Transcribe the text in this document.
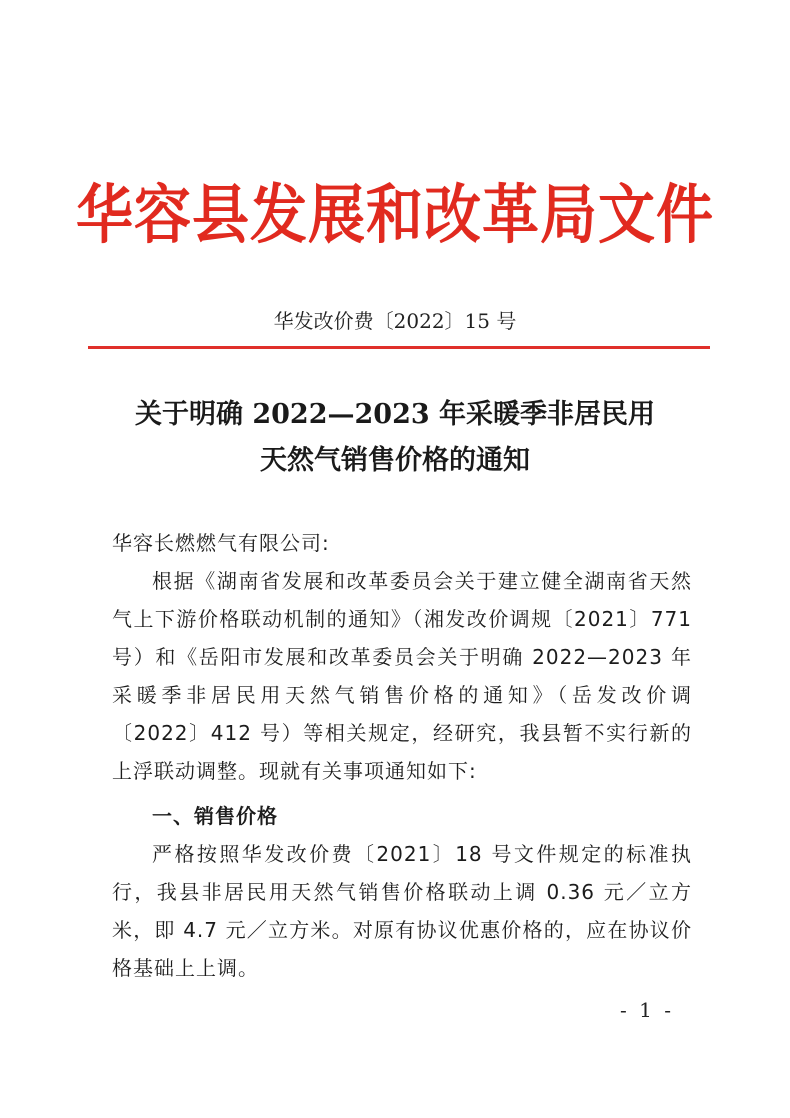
华容县发展和改革局文件
华发改价费〔2022〕15 号
关于明确 2022—2023 年采暖季非居民用
天然气销售价格的通知

华容长燃燃气有限公司:

根据《湖南省发展和改革委员会关于建立健全湖南省天然气上下游价格联动机制的通知》（湘发改价调规〔2021〕771号）和《岳阳市发展和改革委员会关于明确 2022—2023 年采暖季非居民用天然气销售价格的通知》（岳发改价调〔2022〕412 号）等相关规定，经研究，我县暂不实行新的上浮联动调整。现就有关事项通知如下:

一、销售价格

严格按照华发改价费〔2021〕18 号文件规定的标准执行，我县非居民用天然气销售价格联动上调 0.36 元／立方米，即 4.7 元／立方米。对原有协议优惠价格的，应在协议价格基础上上调。

- 1 -
